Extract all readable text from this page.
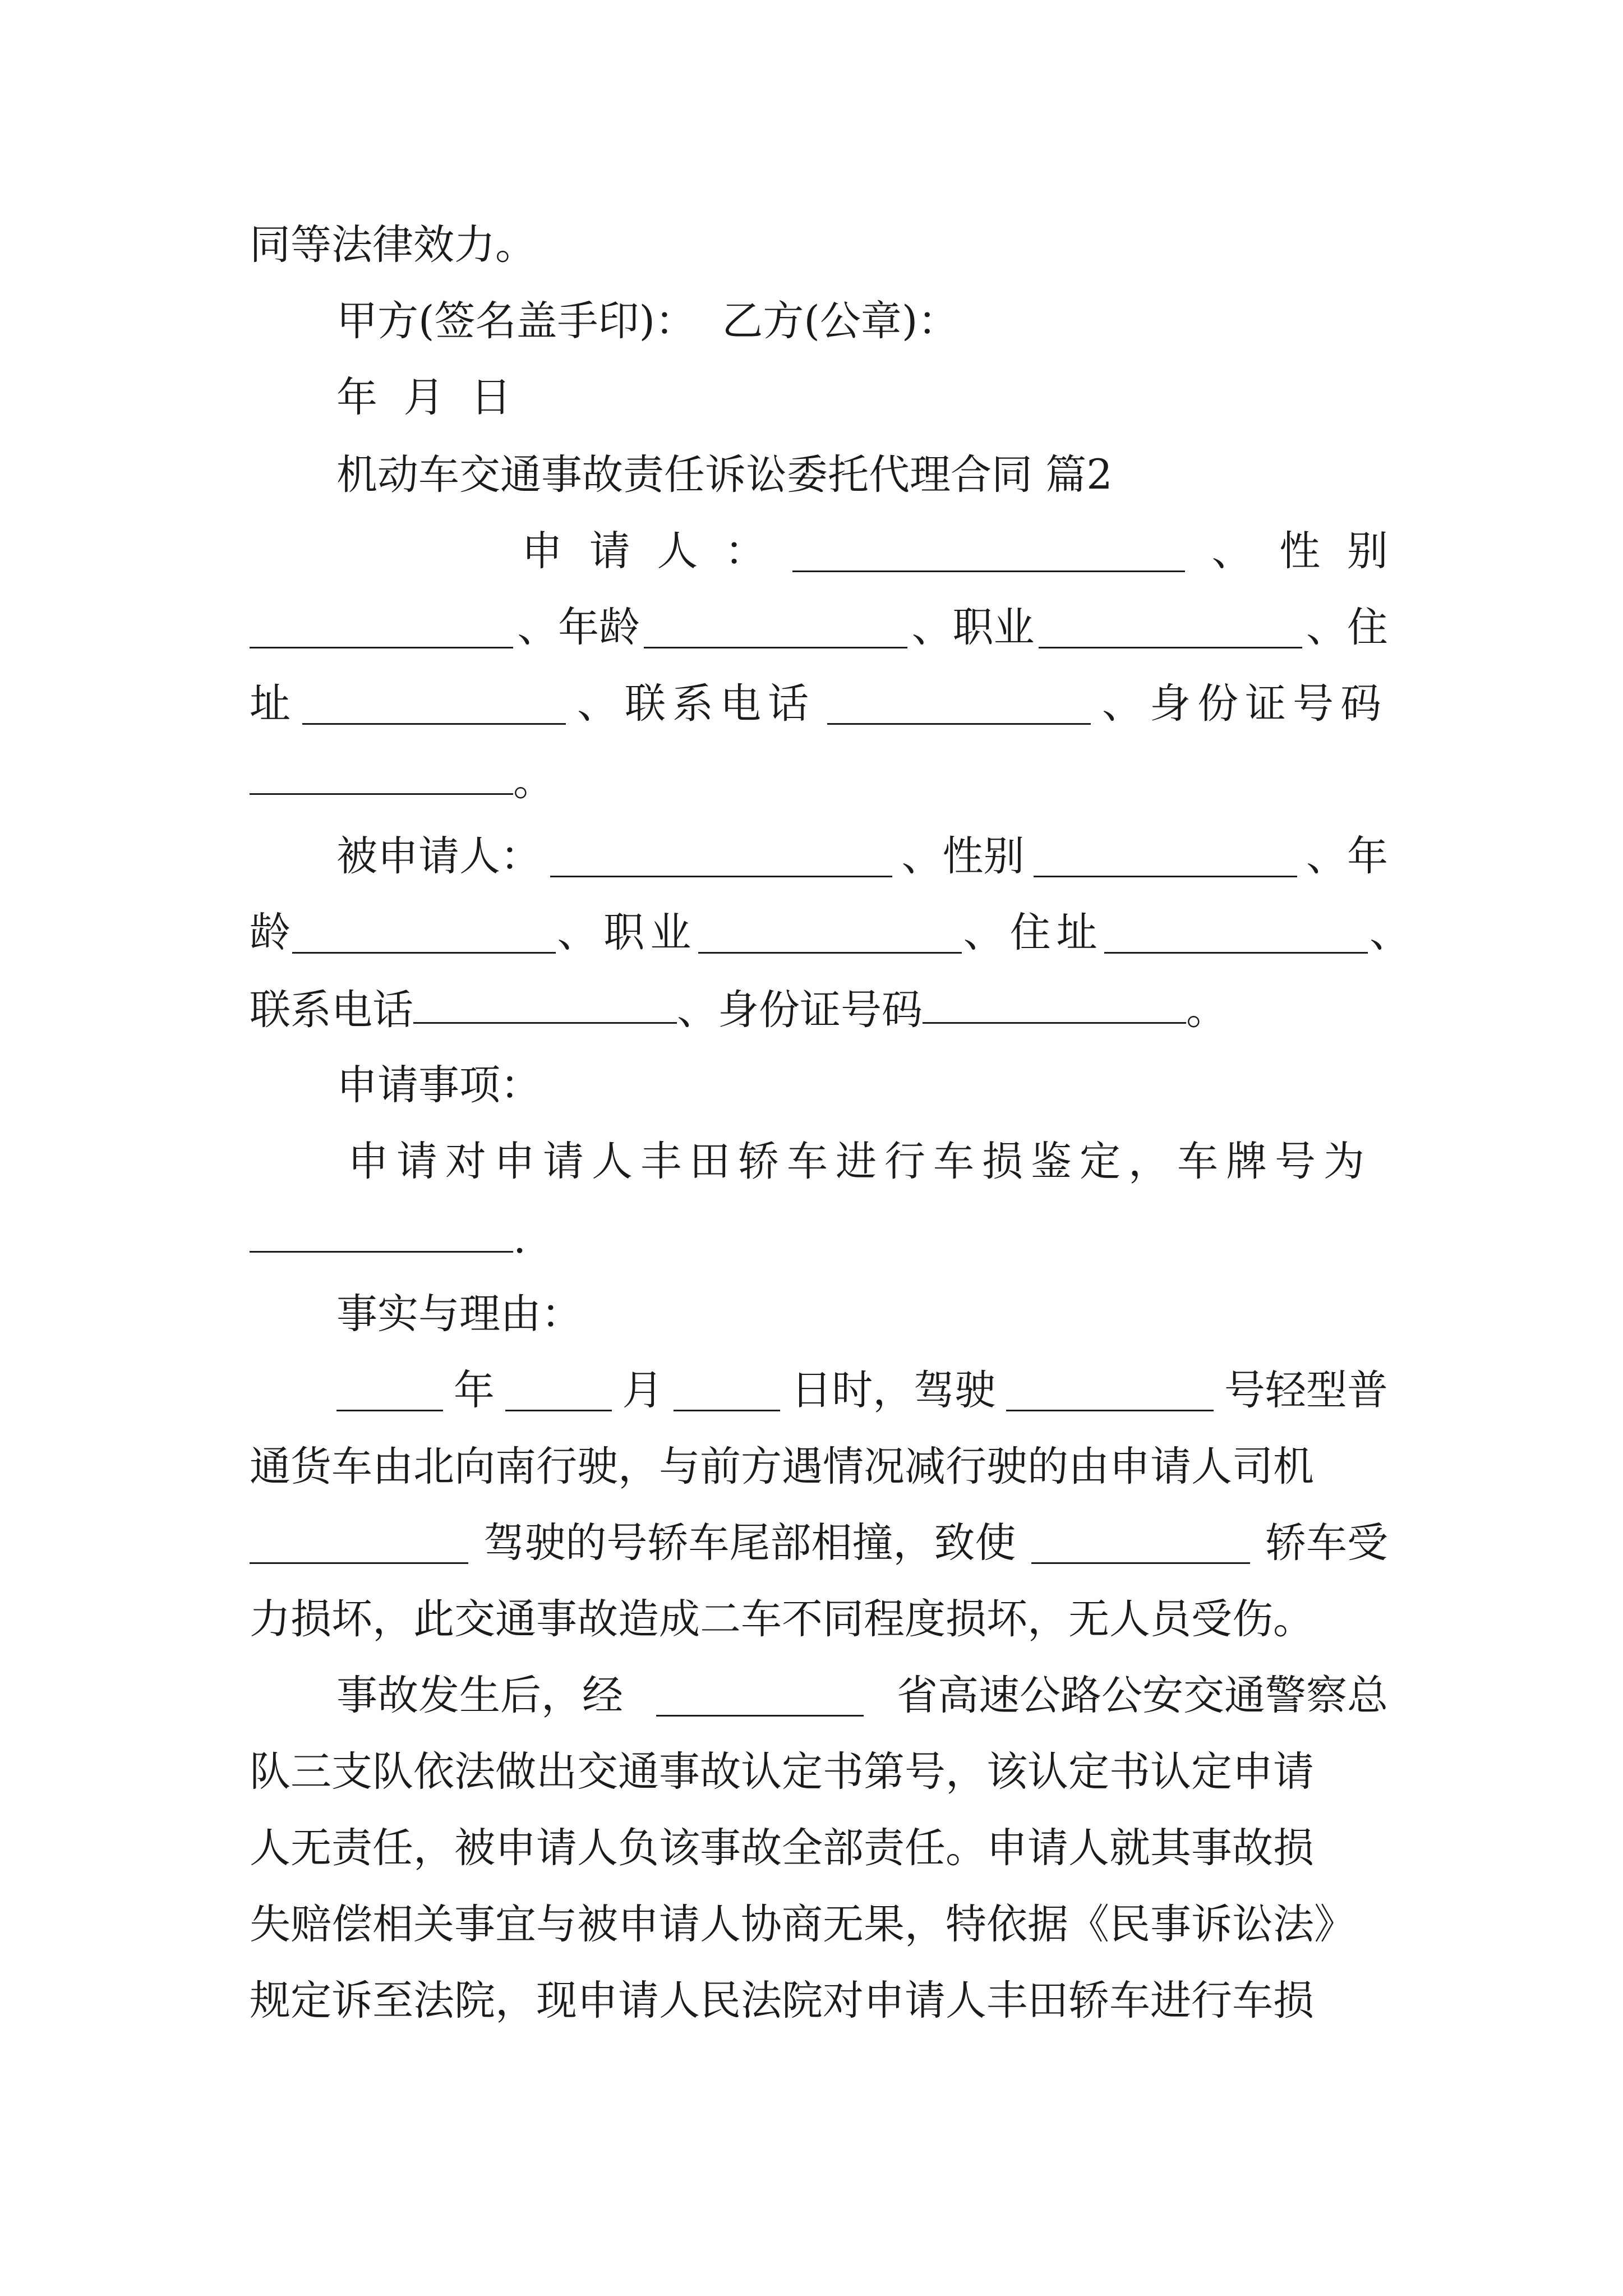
同等法律效力。
甲方(签名盖手印)：  乙方(公章)：
年  月  日
机动车交通事故责任诉讼委托代理合同 篇2
申 请 人 ：	、 性 别
、年龄	、职业	、住
址	、联系电话	、身份证号码
。
被申请人：	、性别	、年
龄	、职业	、住址	、
联系电话	、身份证号码	。
申请事项：
申请对申请人丰田轿车进行车损鉴定，车牌号为
.
事实与理由：
年	月	日时，驾驶	号轻型普
通货车由北向南行驶，与前方遇情况减行驶的由申请人司机
驾驶的号轿车尾部相撞，致使	轿车受
力损坏，此交通事故造成二车不同程度损坏，无人员受伤。
事故发生后，经	省高速公路公安交通警察总
队三支队依法做出交通事故认定书第号，该认定书认定申请
人无责任，被申请人负该事故全部责任。申请人就其事故损
失赔偿相关事宜与被申请人协商无果，特依据《民事诉讼法》
规定诉至法院，现申请人民法院对申请人丰田轿车进行车损
